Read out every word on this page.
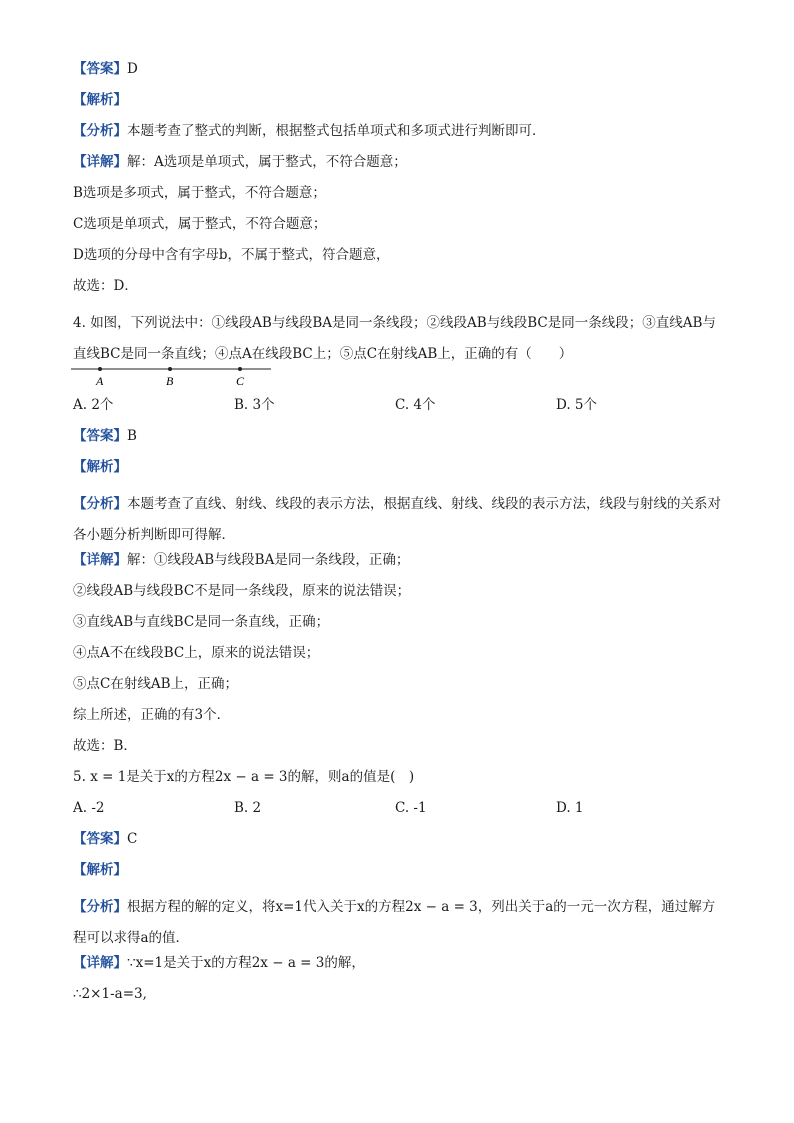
【答案】D
【解析】
【分析】本题考查了整式的判断，根据整式包括单项式和多项式进行判断即可．
【详解】解：A选项是单项式，属于整式，不符合题意；
B选项是多项式，属于整式，不符合题意；
C选项是单项式，属于整式，不符合题意；
D选项的分母中含有字母b，不属于整式，符合题意，
故选：D．
4. 如图，下列说法中：①线段AB与线段BA是同一条线段；②线段AB与线段BC是同一条线段；③直线AB与直线BC是同一条直线；④点A在线段BC上；⑤点C在射线AB上，正确的有（　　）
A	B	C
A. 2个	B. 3个	C. 4个	D. 5个
【答案】B
【解析】
【分析】本题考查了直线、射线、线段的表示方法，根据直线、射线、线段的表示方法，线段与射线的关系对各小题分析判断即可得解．
【详解】解：①线段AB与线段BA是同一条线段，正确；
②线段AB与线段BC不是同一条线段，原来的说法错误；
③直线AB与直线BC是同一条直线，正确；
④点A不在线段BC上，原来的说法错误；
⑤点C在射线AB上，正确；
综上所述，正确的有3个．
故选：B．
5. x = 1是关于x的方程2x − a = 3的解，则a的值是(　)
A. -2	B. 2	C. -1	D. 1
【答案】C
【解析】
【分析】根据方程的解的定义，将x=1代入关于x的方程2x − a = 3，列出关于a的一元一次方程，通过解方程可以求得a的值．
【详解】∵x=1是关于x的方程2x − a = 3的解，
∴2×1-a=3,
